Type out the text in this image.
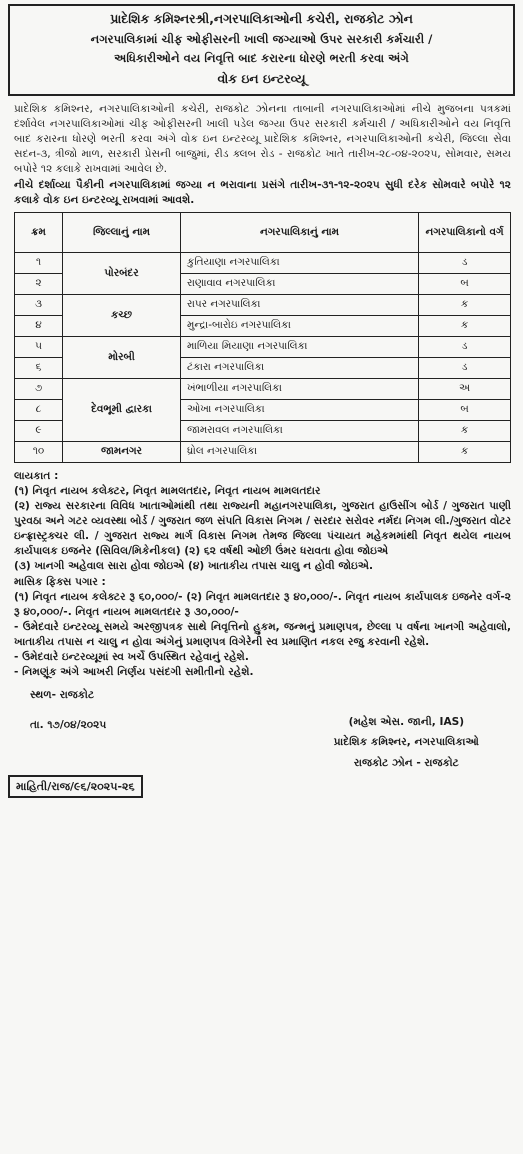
પ્રાદેશિક કમિશ્નરશ્રી,નગરપાલિકાઓની કચેરી, રાજકોટ ઝોન
નગરપાલિકામાં ચીફ ઓફીસરની ખાલી જગ્યાઓ ઉપર સરકારી કર્મચારી /
અધિકારીઓને વય નિવૃત્તિ બાદ કરારના ધોરણે ભરતી કરવા અંગે
વોક ઇન ઇન્ટરવ્યૂ
પ્રાદેશિક કમિશ્નર, નગરપાલિકાઓની કચેરી, રાજકોટ ઝોનના તાબાની નગરપાલિકાઓમાં નીચે મુજબના પત્રકમાં દર્શાવેલ નગરપાલિકાઓમાં ચીફ ઓફીસરની ખાલી પડેલ જગ્યા ઉપર સરકારી કર્મચારી / અધિકારીઓને વય નિવૃત્તિ બાદ કરારના ધોરણે ભરતી કરવા અંગે વોક ઇન ઇન્ટરવ્યૂ પ્રાદેશિક કમિશ્નર, નગરપાલિકાઓની કચેરી, જિલ્લા સેવા સદન-૩, ત્રીજો માળ, સરકારી પ્રેસની બાજુમાં, રીડ ક્લબ રોડ - રાજકોટ ખાતે તારીખ-૨૮-૦૪-૨૦૨૫, સોમવાર, સમય બપોરે ૧૨ કલાકે રાખવામાં આવેલ છે.
નીચે દર્શાવ્યા પૈકીની નગરપાલિકામાં જગ્યા ન ભરાવાના પ્રસંગે તારીખ-૩૧-૧૨-૨૦૨૫ સુધી દરેક સોમવારે બપોરે ૧૨ કલાકે વોક ઇન ઇન્ટરવ્યૂ રાખવામાં આવશે.
ક્રમ	જિલ્લાનું નામ	નગરપાલિકાનું નામ	નગરપાલિકાનો વર્ગ
૧	પોરબંદર	કુતિયાણા નગરપાલિકા	ડ
૨		રાણાવાવ નગરપાલિકા	બ
૩	કચ્છ	રાપર નગરપાલિકા	ક
૪		મુન્દ્રા-બારોઇ નગરપાલિકા	ક
૫	મોરબી	માળિયા મિયાણા નગરપાલિકા	ડ
૬		ટંકારા નગરપાલિકા	ડ
૭	દેવભૂમી દ્વારકા	ખંભાળીયા નગરપાલિકા	અ
૮		ઓખા નગરપાલિકા	બ
૯		જામરાવલ નગરપાલિકા	ક
૧૦	જામનગર	ધ્રોલ નગરપાલિકા	ક
લાયકાત :
(૧) નિવૃત નાયબ કલેક્ટર, નિવૃત મામલતદાર, નિવૃત નાયબ મામલતદાર
(૨) રાજ્ય સરકારના વિવિધ ખાતાઓમાંથી તથા રાજ્યની મહાનગરપાલિકા, ગુજરાત હાઉસીંગ બોર્ડ / ગુજરાત પાણી પુરવઠા અને ગટર વ્યવસ્થા બોર્ડ / ગુજરાત જળ સંપતિ વિકાસ નિગમ / સરદાર સરોવર નર્મદા નિગમ લી./ગુજરાત વોટર ઇન્ફ્રાસ્ટ્રક્ચર લી. / ગુજરાત રાજ્ય માર્ગ વિકાસ નિગમ તેમજ જિલ્લા પંચાયત મહેકમમાંથી નિવૃત થયેલ નાયબ કાર્યપાલક ઇજનેર (સિવિલ/મિકેનીકલ) (૨) ૬૨ વર્ષથી ઓછી ઉંમર ધરાવતા હોવા જોઇએ
(૩) ખાનગી અહેવાલ સારા હોવા જોઇએ (૪) ખાતાકીય તપાસ ચાલુ ન હોવી જોઇએ.
માસિક ફિક્સ પગાર :
(૧) નિવૃત નાયબ કલેક્ટર રૂ ૬૦,૦૦૦/- (૨) નિવૃત મામલતદાર રૂ ૪૦,૦૦૦/-. નિવૃત નાયબ કાર્યપાલક ઇજનેર વર્ગ-૨ રૂ ૪૦,૦૦૦/-. નિવૃત નાયબ મામલતદાર રૂ ૩૦,૦૦૦/-
- ઉમેદવારે ઇન્ટરવ્યૂ સમયે અરજીપત્રક સાથે નિવૃત્તિનો હુકમ, જન્મનું પ્રમાણપત્ર, છેલ્લા ૫ વર્ષના ખાનગી અહેવાલો, ખાતાકીય તપાસ ન ચાલુ ન હોવા અંગેનું પ્રમાણપત્ર વિગેરેની સ્વ પ્રમાણિત નકલ રજુ કરવાની રહેશે.
- ઉમેદવારે ઇન્ટરવ્યૂમાં સ્વ ખર્ચે ઉપસ્થિત રહેવાનું રહેશે.
- નિમણૂંક અંગે આખરી નિર્ણય પસંદગી સમીતીનો રહેશે.
સ્થળ- રાજકોટ
તા. ૧૭/૦૪/૨૦૨૫	(મહેશ એસ. જાની, IAS)
પ્રાદેશિક કમિશ્નર, નગરપાલિકાઓ
રાજકોટ ઝોન - રાજકોટ
માહિતી/રાજ/૯૬/૨૦૨૫-૨૬
